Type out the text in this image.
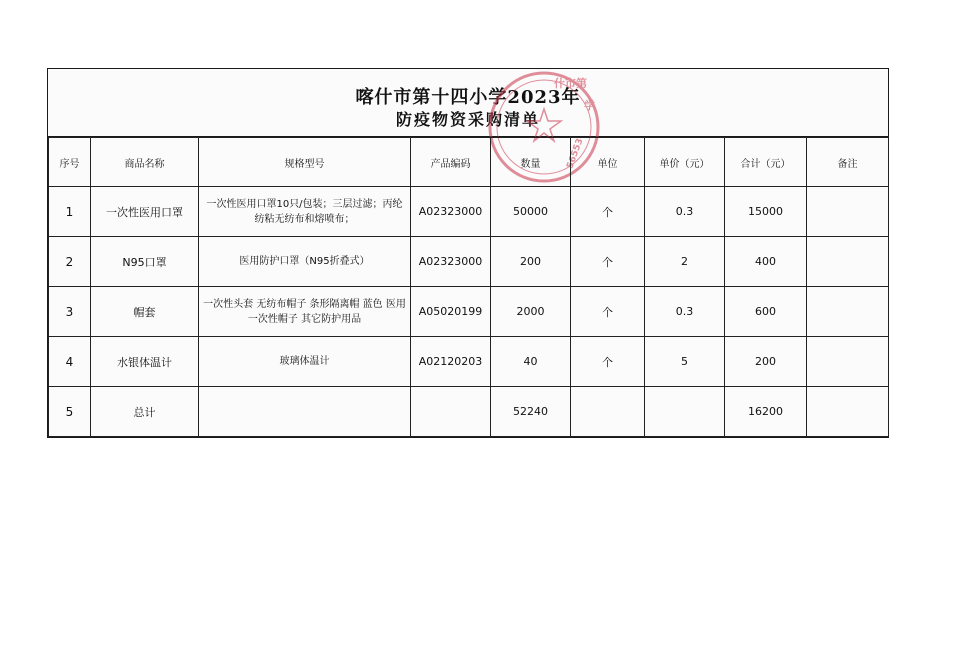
喀什市第十四小学2023年
防疫物资采购清单
什市第
学
56553
序号	商品名称	规格型号	产品编码	数量	单位	单价（元）	合计（元）	备注
1	一次性医用口罩	一次性医用口罩10只/包装；三层过滤；丙纶纺粘无纺布和熔喷布；	A02323000	50000	个	0.3	15000	
2	N95口罩	医用防护口罩（N95折叠式）	A02323000	200	个	2	400	
3	帽套	一次性头套 无纺布帽子 条形隔离帽 蓝色 医用一次性帽子 其它防护用品	A05020199	2000	个	0.3	600	
4	水银体温计	玻璃体温计	A02120203	40	个	5	200	
5	总计			52240			16200	
